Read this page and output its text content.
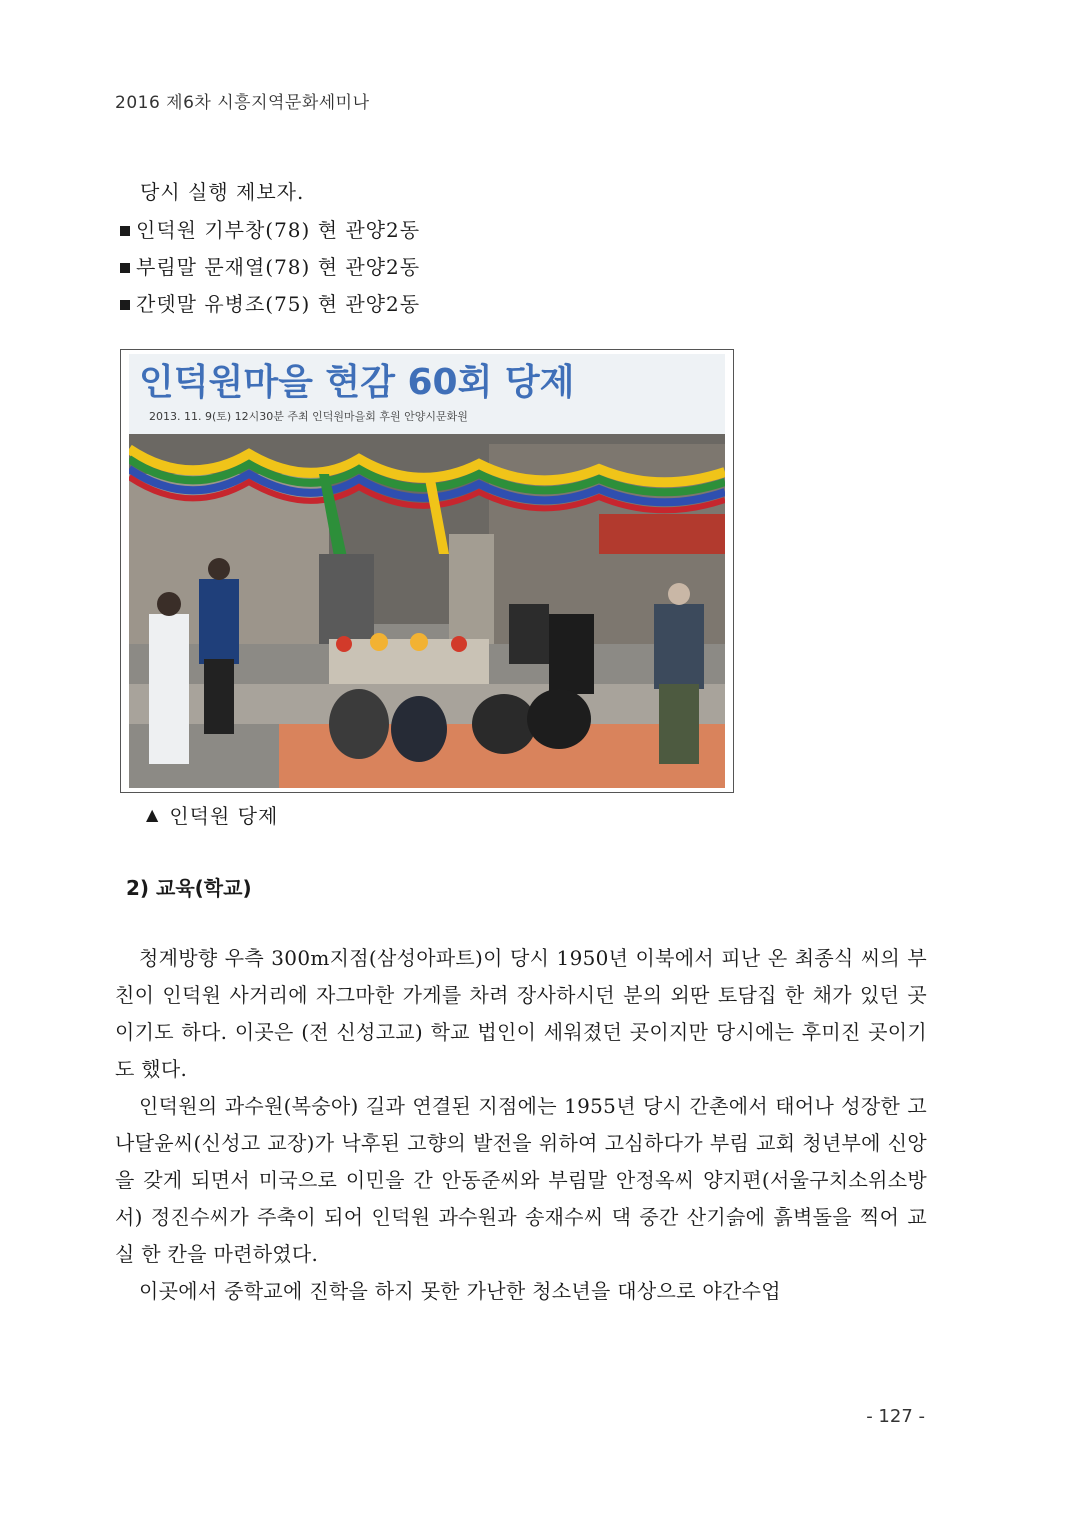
2016 제6차 시흥지역문화세미나
당시 실행 제보자.
인덕원 기부창(78) 현 관양2동
부림말 문재열(78) 현 관양2동
간뎃말 유병조(75) 현 관양2동
인덕원마을 현감 60회 당제
2013. 11. 9(토) 12시30분 주최 인덕원마을회 후원 안양시문화원
▲ 인덕원 당제
2) 교육(학교)

청계방향 우측 300m지점(삼성아파트)이 당시 1950년 이북에서 피난 온 최종식 씨의 부친이 인덕원 사거리에 자그마한 가게를 차려 장사하시던 분의 외딴 토담집 한 채가 있던 곳이기도 하다. 이곳은 (전 신성고교) 학교 법인이 세워졌던 곳이지만 당시에는 후미진 곳이기도 했다.

인덕원의 과수원(복숭아) 길과 연결된 지점에는 1955년 당시 간촌에서 태어나 성장한 고 나달윤씨(신성고 교장)가 낙후된 고향의 발전을 위하여 고심하다가 부림 교회 청년부에 신앙을 갖게 되면서 미국으로 이민을 간 안동준씨와 부림말 안정옥씨 양지편(서울구치소위소방서) 정진수씨가 주축이 되어 인덕원 과수원과 송재수씨 댁 중간 산기슭에 흙벽돌을 찍어 교실 한 칸을 마련하였다.

이곳에서 중학교에 진학을 하지 못한 가난한 청소년을 대상으로 야간수업

- 127 -
